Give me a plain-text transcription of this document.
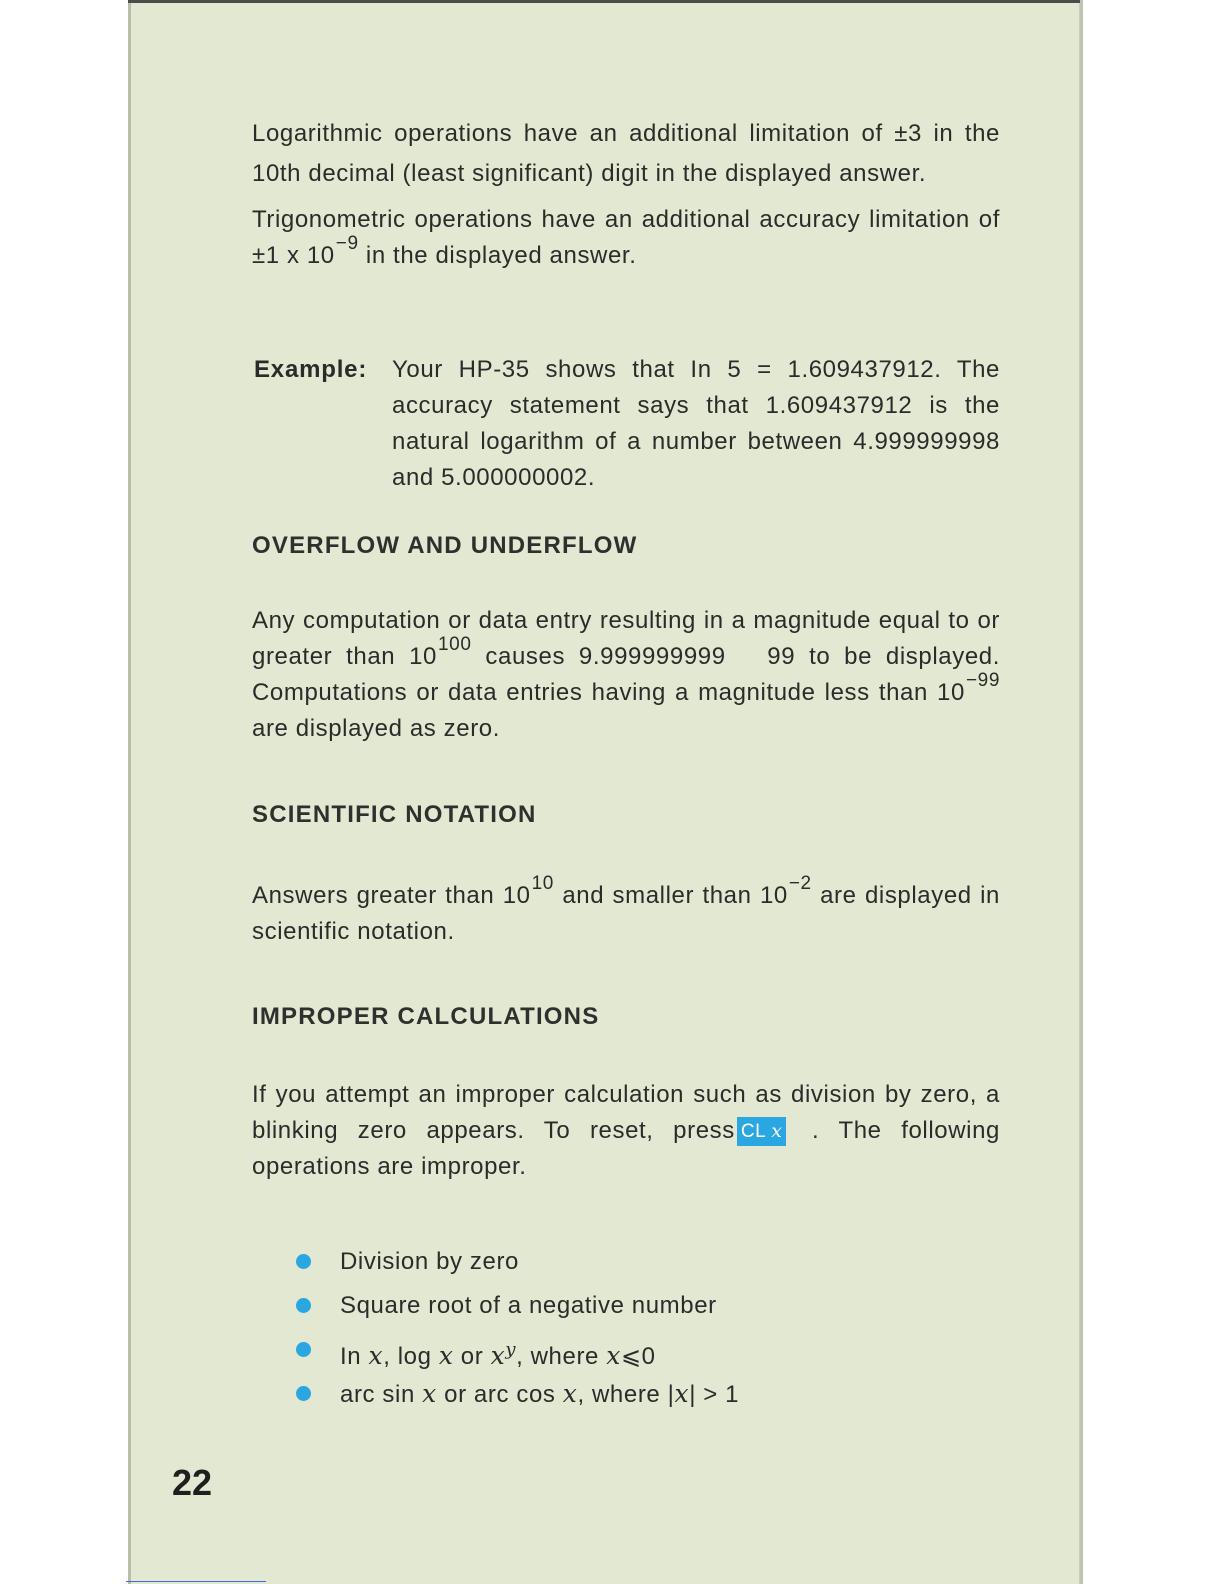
Logarithmic operations have an additional limitation of ±3 in the 10th decimal (least significant) digit in the displayed answer.

Trigonometric operations have an additional accuracy limitation of ±1 x $10^{-9}$ in the displayed answer.

Example: Your HP-35 shows that In 5 = 1.609437912. The accuracy statement says that 1.609437912 is the natural logarithm of a number between 4.999999998 and 5.000000002.
OVERFLOW AND UNDERFLOW

Any computation or data entry resulting in a magnitude equal to or greater than $10^{100}$ causes 9.999999999   99 to be displayed. Computations or data entries having a magnitude less than $10^{-99}$ are displayed as zero.

SCIENTIFIC NOTATION

Answers greater than $10^{10}$ and smaller than $10^{-2}$ are displayed in scientific notation.

IMPROPER CALCULATIONS

If you attempt an improper calculation such as division by zero, a blinking zero appears. To reset, press CL x . The following operations are improper.

Division by zero
Square root of a negative number
In x, log x or $x^y$, where x⩽0
arc sin x or arc cos x, where |x| > 1
22
